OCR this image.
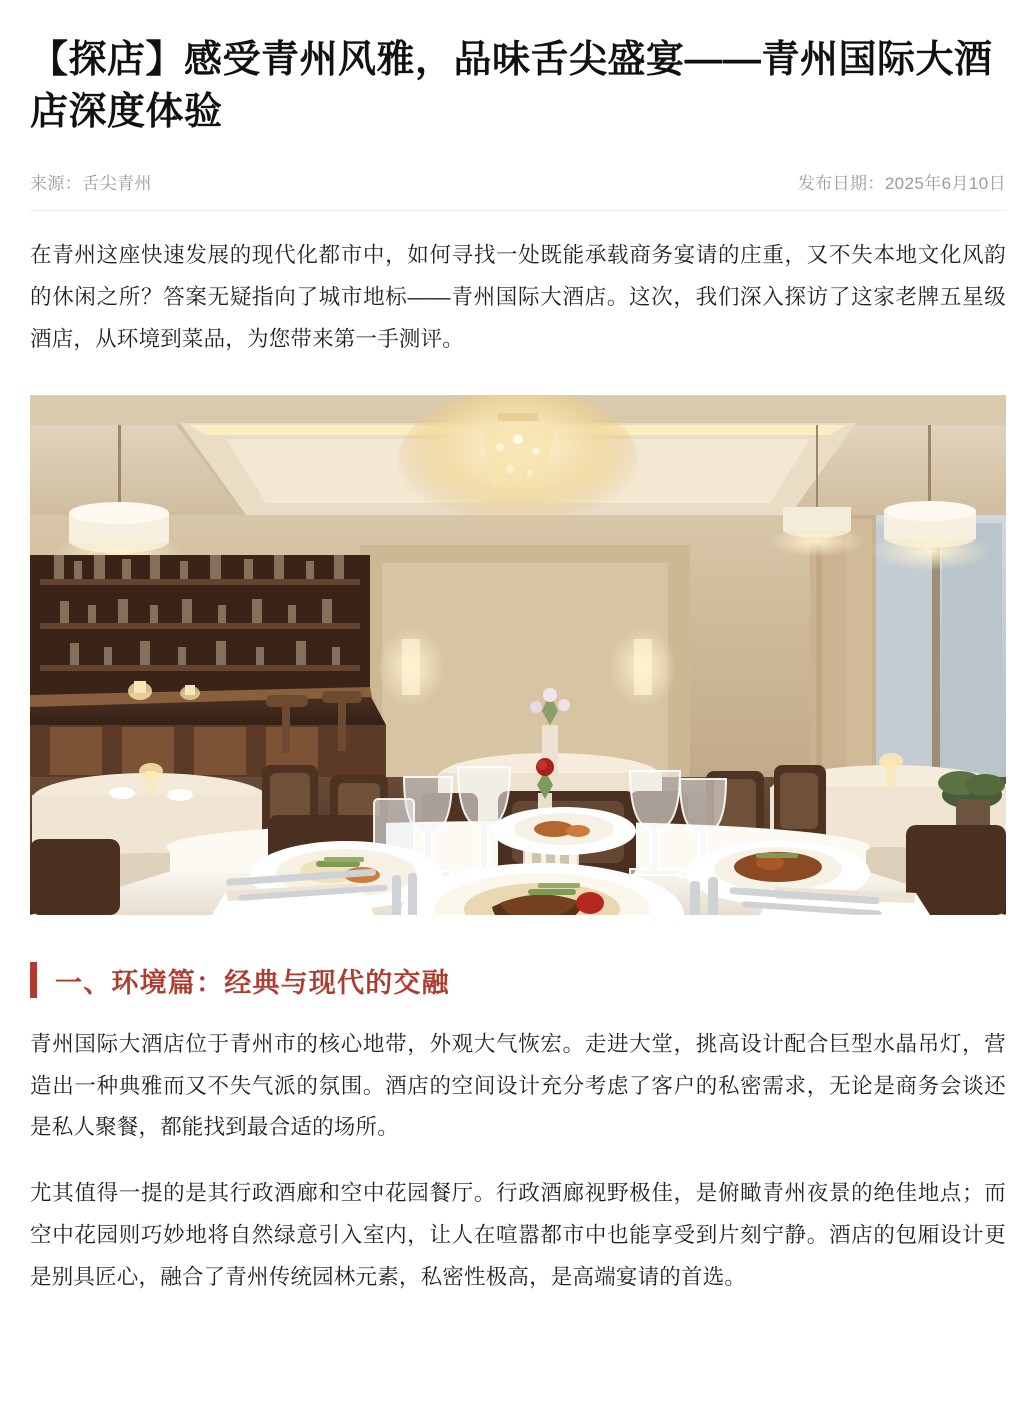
【探店】感受青州风雅，品味舌尖盛宴——青州国际大酒店深度体验
来源：舌尖青州	发布日期：2025年6月10日

在青州这座快速发展的现代化都市中，如何寻找一处既能承载商务宴请的庄重，又不失本地文化风韵的休闲之所？答案无疑指向了城市地标——青州国际大酒店。这次，我们深入探访了这家老牌五星级酒店，从环境到菜品，为您带来第一手测评。

一、环境篇：经典与现代的交融

青州国际大酒店位于青州市的核心地带，外观大气恢宏。走进大堂，挑高设计配合巨型水晶吊灯，营造出一种典雅而又不失气派的氛围。酒店的空间设计充分考虑了客户的私密需求，无论是商务会谈还是私人聚餐，都能找到最合适的场所。

尤其值得一提的是其行政酒廊和空中花园餐厅。行政酒廊视野极佳，是俯瞰青州夜景的绝佳地点；而空中花园则巧妙地将自然绿意引入室内，让人在喧嚣都市中也能享受到片刻宁静。酒店的包厢设计更是别具匠心，融合了青州传统园林元素，私密性极高，是高端宴请的首选。
